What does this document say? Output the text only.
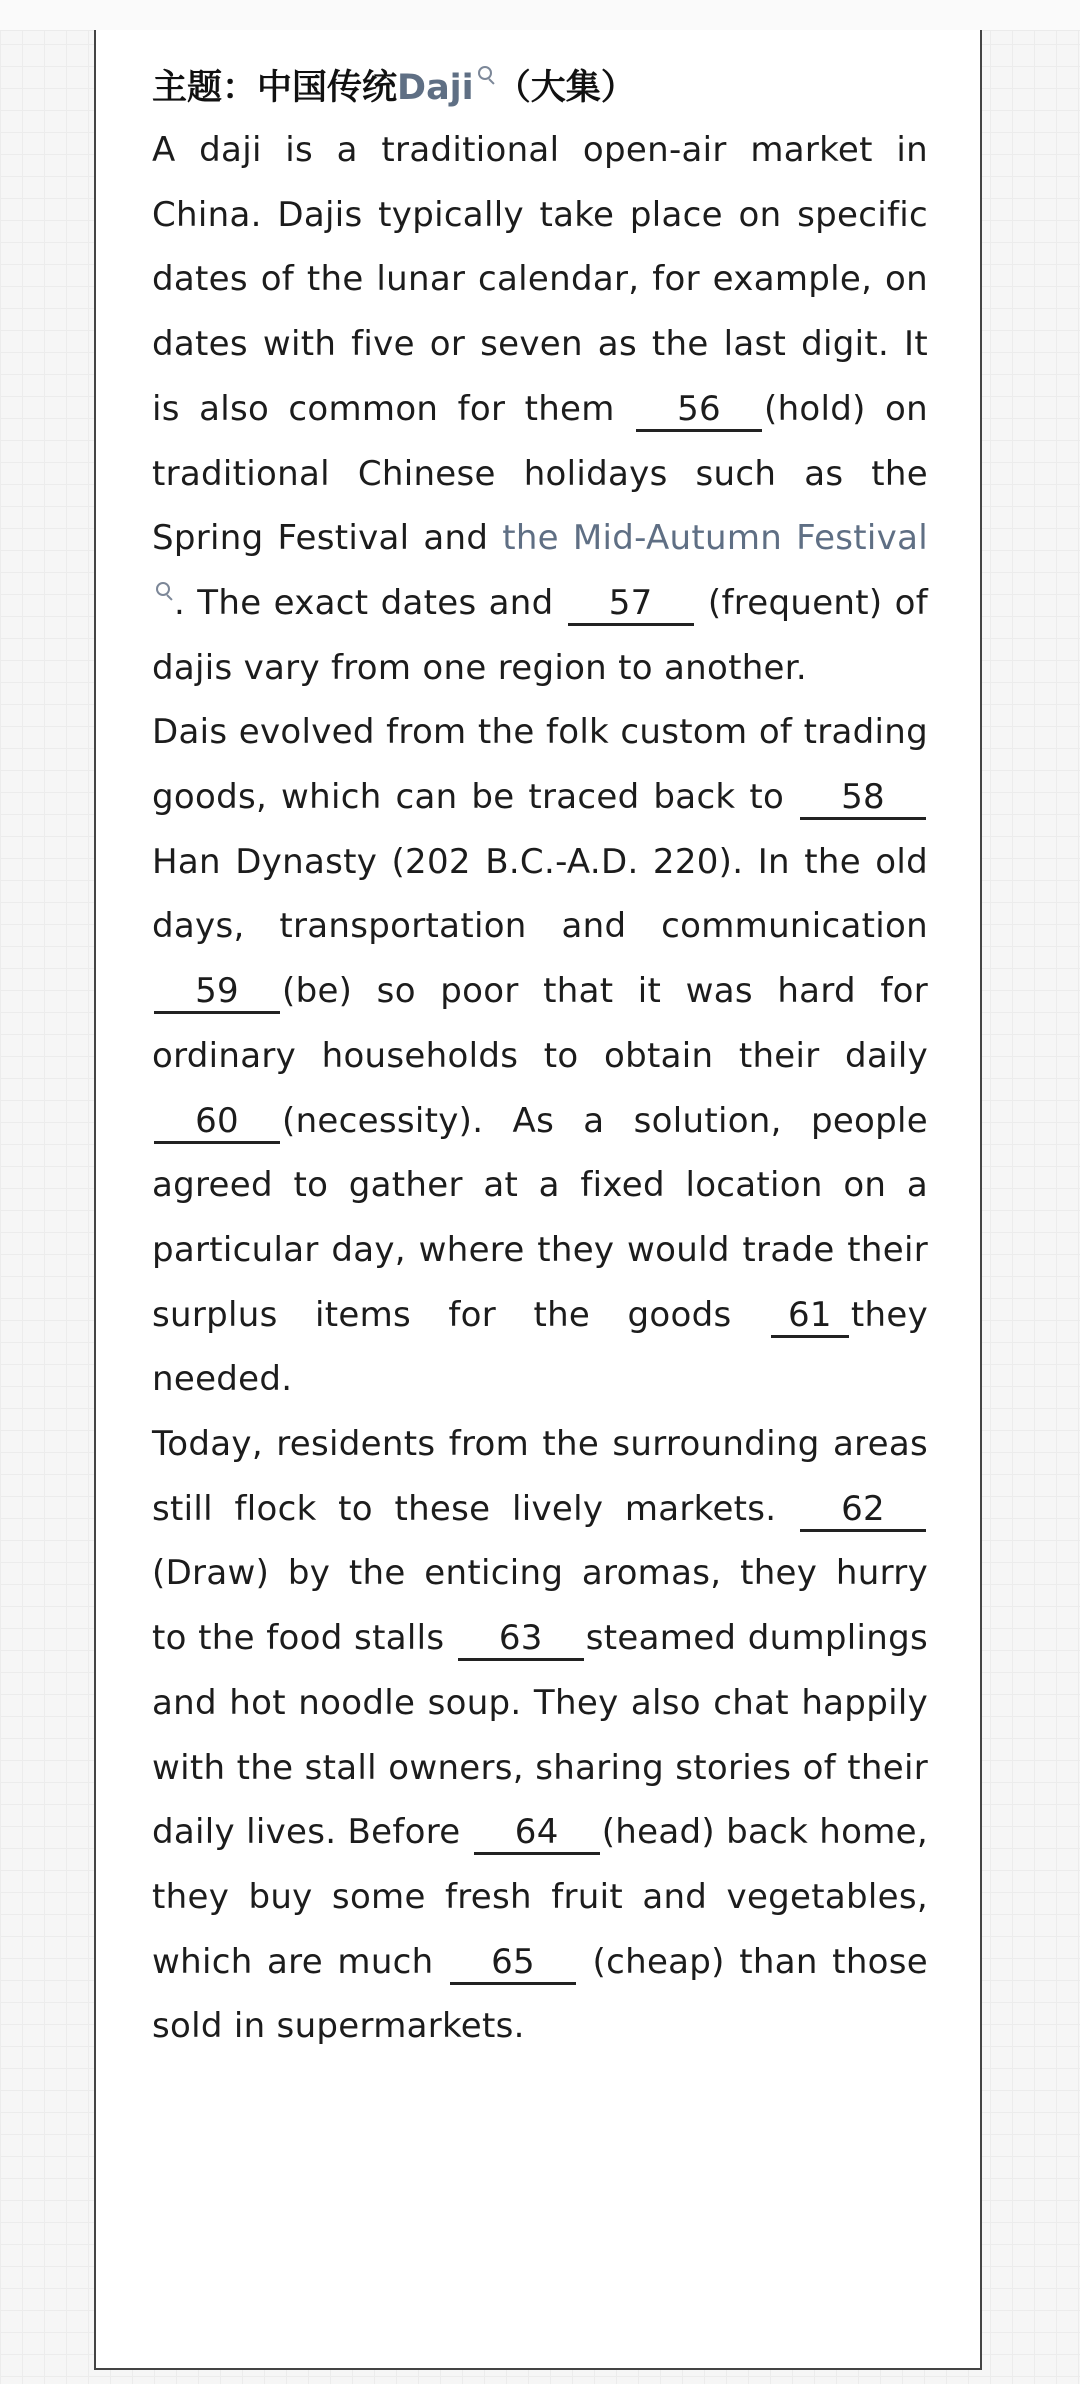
主题：中国传统Daji （大集）

A daji is a traditional open-air market in China. Dajis typically take place on specific dates of the lunar calendar, for example, on dates with five or seven as the last digit. It is also common for them 56 (hold) on traditional Chinese holidays such as the Spring Festival and the Mid-Autumn Festival. The exact dates and 57 (frequent) of dajis vary from one region to another.

Dais evolved from the folk custom of trading goods, which can be traced back to 58Han Dynasty (202 B.C.-A.D. 220). In the old days, transportation and communication 59 (be) so poor that it was hard for ordinary households to obtain their daily 60 (necessity). As a solution, people agreed to gather at a fixed location on a particular day, where they would trade their surplus items for the goods 61 they needed.

Today, residents from the surrounding areas still flock to these lively markets. 62(Draw) by the enticing aromas, they hurry to the food stalls 63 steamed dumplings and hot noodle soup. They also chat happily with the stall owners, sharing stories of their daily lives. Before 64 (head) back home, they buy some fresh fruit and vegetables, which are much 65 (cheap) than those sold in supermarkets.
